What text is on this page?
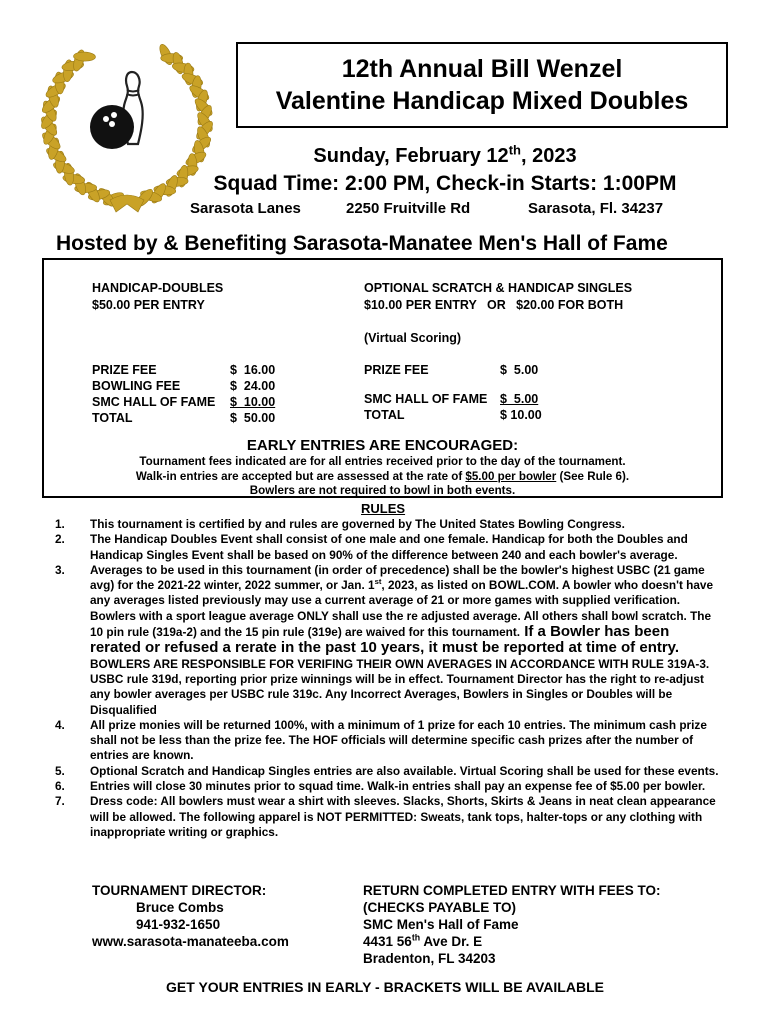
12th Annual Bill Wenzel
Valentine Handicap Mixed Doubles
Sunday, February 12th, 2023
Squad Time: 2:00 PM, Check-in Starts: 1:00PM
Sarasota Lanes	2250 Fruitville Rd	Sarasota, Fl. 34237
Hosted by & Benefiting Sarasota-Manatee Men's Hall of Fame
HANDICAP-DOUBLES
$50.00 PER ENTRY
OPTIONAL SCRATCH & HANDICAP SINGLES
$10.00 PER ENTRY   OR   $20.00 FOR BOTH
(Virtual Scoring)
PRIZE FEE	$  16.00
BOWLING FEE	$  24.00
SMC HALL OF FAME	$  10.00
TOTAL	$  50.00
PRIZE FEE	$  5.00
SMC HALL OF FAME	$  5.00
TOTAL	$ 10.00
EARLY ENTRIES ARE ENCOURAGED:
Tournament fees indicated are for all entries received prior to the day of the tournament.
Walk-in entries are accepted but are assessed at the rate of $5.00 per bowler (See Rule 6).
Bowlers are not required to bowl in both events.
RULES
1.	This tournament is certified by and rules are governed by The United States Bowling Congress.
2.	The Handicap Doubles Event shall consist of one male and one female. Handicap for both the Doubles and Handicap Singles Event shall be based on 90% of the difference between 240 and each bowler's average.
3.	Averages to be used in this tournament (in order of precedence) shall be the bowler's highest USBC (21 game avg) for the 2021-22 winter, 2022 summer, or Jan. 1st, 2023, as listed on BOWL.COM. A bowler who doesn't have any averages listed previously may use a current average of 21 or more games with supplied verification. Bowlers with a sport league average ONLY shall use the re adjusted average. All others shall bowl scratch. The 10 pin rule (319a-2) and the 15 pin rule (319e) are waived for this tournament. If a Bowler has been rerated or refused a rerate in the past 10 years, it must be reported at time of entry. BOWLERS ARE RESPONSIBLE FOR VERIFING THEIR OWN AVERAGES IN ACCORDANCE WITH RULE 319A-3. USBC rule 319d, reporting prior prize winnings will be in effect. Tournament Director has the right to re-adjust any bowler averages per USBC rule 319c. Any Incorrect Averages, Bowlers in Singles or Doubles will be Disqualified
4.	All prize monies will be returned 100%, with a minimum of 1 prize for each 10 entries. The minimum cash prize shall not be less than the prize fee. The HOF officials will determine specific cash prizes after the number of entries are known.
5.	Optional Scratch and Handicap Singles entries are also available. Virtual Scoring shall be used for these events.
6.	Entries will close 30 minutes prior to squad time. Walk-in entries shall pay an expense fee of $5.00 per bowler.
7.	Dress code: All bowlers must wear a shirt with sleeves. Slacks, Shorts, Skirts & Jeans in neat clean appearance will be allowed. The following apparel is NOT PERMITTED: Sweats, tank tops, halter-tops or any clothing with inappropriate writing or graphics.
TOURNAMENT DIRECTOR:
Bruce Combs
941-932-1650
www.sarasota-manateeba.com
RETURN COMPLETED ENTRY WITH FEES TO:
(CHECKS PAYABLE TO)
SMC Men's Hall of Fame
4431 56th Ave Dr. E
Bradenton, FL 34203
GET YOUR ENTRIES IN EARLY - BRACKETS WILL BE AVAILABLE
